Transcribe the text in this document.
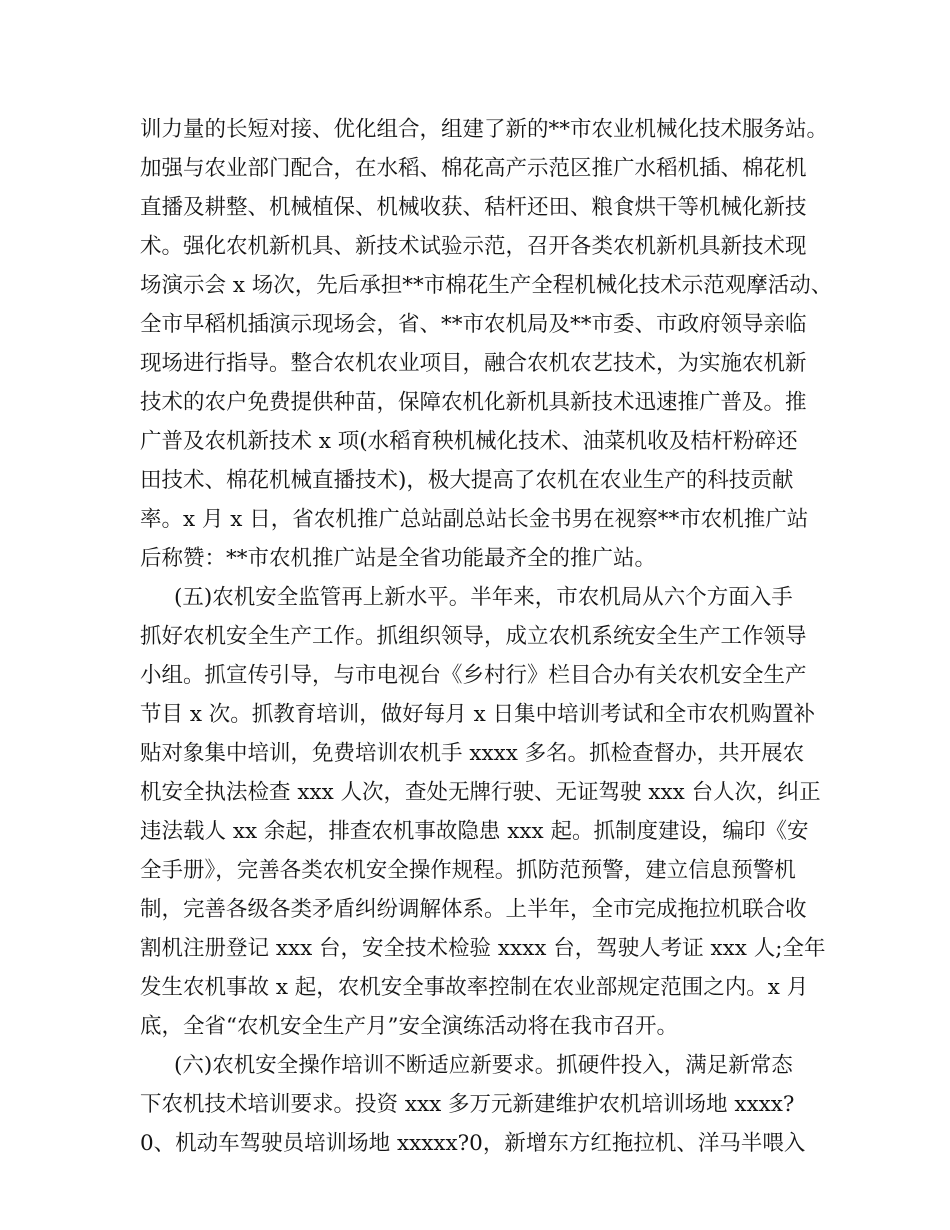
训力量的长短对接、优化组合，组建了新的**市农业机械化技术服务站。
加强与农业部门配合，在水稻、棉花高产示范区推广水稻机插、棉花机
直播及耕整、机械植保、机械收获、秸杆还田、粮食烘干等机械化新技
术。强化农机新机具、新技术试验示范，召开各类农机新机具新技术现
场演示会 x 场次，先后承担**市棉花生产全程机械化技术示范观摩活动、
全市早稻机插演示现场会，省、**市农机局及**市委、市政府领导亲临
现场进行指导。整合农机农业项目，融合农机农艺技术，为实施农机新
技术的农户免费提供种苗，保障农机化新机具新技术迅速推广普及。推
广普及农机新技术 x 项(水稻育秧机械化技术、油菜机收及桔杆粉碎还
田技术、棉花机械直播技术)，极大提高了农机在农业生产的科技贡献
率。x 月 x 日，省农机推广总站副总站长金书男在视察**市农机推广站
后称赞：**市农机推广站是全省功能最齐全的推广站。
(五)农机安全监管再上新水平。半年来，市农机局从六个方面入手
抓好农机安全生产工作。抓组织领导，成立农机系统安全生产工作领导
小组。抓宣传引导，与市电视台《乡村行》栏目合办有关农机安全生产
节目 x 次。抓教育培训，做好每月 x 日集中培训考试和全市农机购置补
贴对象集中培训，免费培训农机手 xxxx 多名。抓检查督办，共开展农
机安全执法检查 xxx 人次，查处无牌行驶、无证驾驶 xxx 台人次，纠正
违法载人 xx 余起，排查农机事故隐患 xxx 起。抓制度建设，编印《安
全手册》，完善各类农机安全操作规程。抓防范预警，建立信息预警机
制，完善各级各类矛盾纠纷调解体系。上半年，全市完成拖拉机联合收
割机注册登记 xxx 台，安全技术检验 xxxx 台，驾驶人考证 xxx 人;全年
发生农机事故 x 起，农机安全事故率控制在农业部规定范围之内。x 月
底，全省“农机安全生产月”安全演练活动将在我市召开。
(六)农机安全操作培训不断适应新要求。抓硬件投入，满足新常态
下农机技术培训要求。投资 xxx 多万元新建维护农机培训场地 xxxx?
0、机动车驾驶员培训场地 xxxxx?0，新增东方红拖拉机、洋马半喂入
